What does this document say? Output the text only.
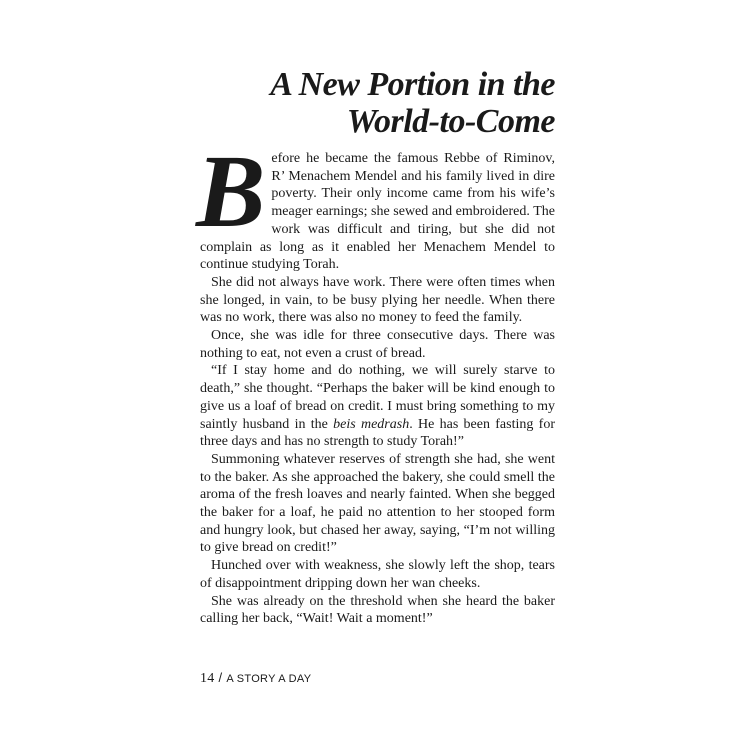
A New Portion in the
World-to-Come

Before he became the famous Rebbe of Riminov, R’ Menachem Mendel and his family lived in dire poverty. Their only income came from his wife’s meager earnings; she sewed and embroidered. The work was difficult and tiring, but she did not complain as long as it enabled her Menachem Mendel to continue studying Torah.

She did not always have work. There were often times when she longed, in vain, to be busy plying her needle. When there was no work, there was also no money to feed the family.

Once, she was idle for three consecutive days. There was nothing to eat, not even a crust of bread.

“If I stay home and do nothing, we will surely starve to death,” she thought. “Perhaps the baker will be kind enough to give us a loaf of bread on credit. I must bring something to my saintly husband in the beis medrash. He has been fasting for three days and has no strength to study Torah!”

Summoning whatever reserves of strength she had, she went to the baker. As she approached the bakery, she could smell the aroma of the fresh loaves and nearly fainted. When she begged the baker for a loaf, he paid no attention to her stooped form and hungry look, but chased her away, saying, “I’m not willing to give bread on credit!”

Hunched over with weakness, she slowly left the shop, tears of disappointment dripping down her wan cheeks.

She was already on the threshold when she heard the baker calling her back, “Wait! Wait a moment!”

14 / A STORY A DAY
